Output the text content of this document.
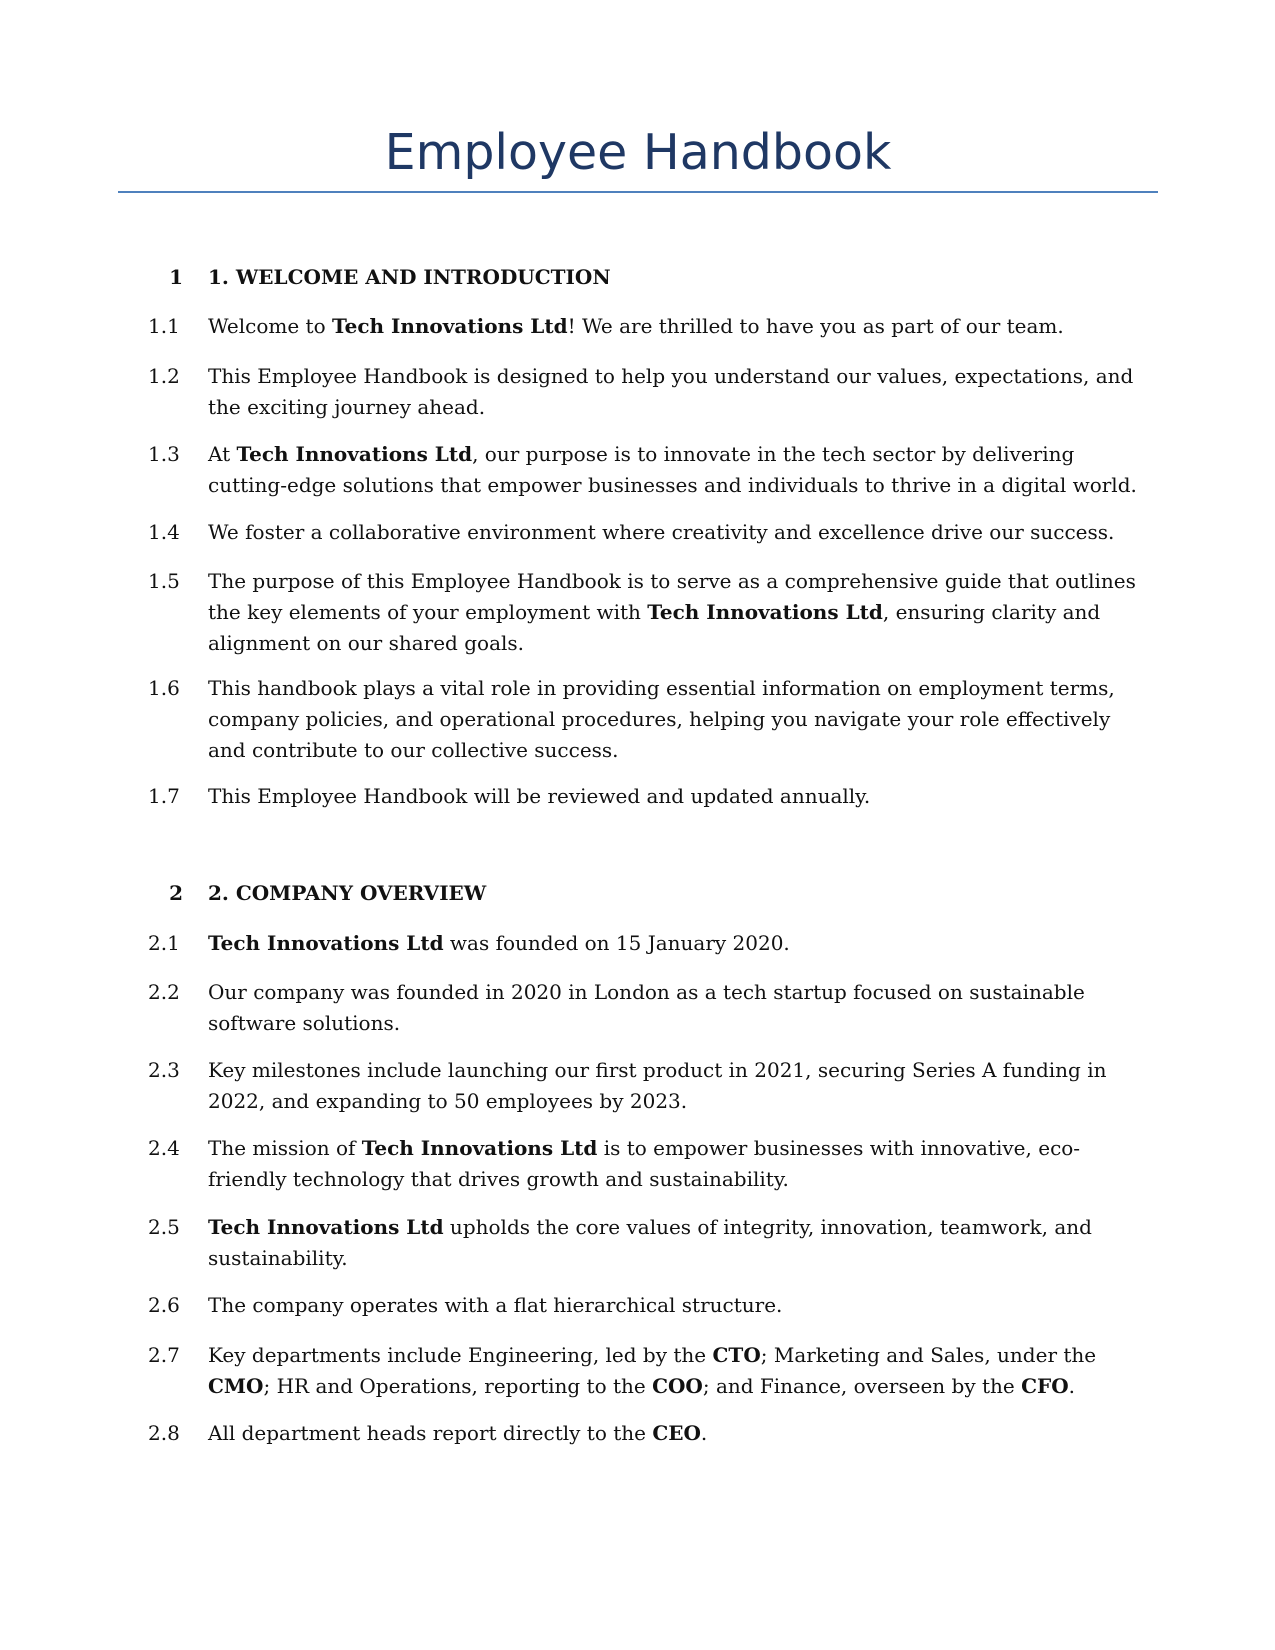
Employee Handbook
1 1. WELCOME AND INTRODUCTION
1.1	Welcome to Tech Innovations Ltd! We are thrilled to have you as part of our team.
1.2	This Employee Handbook is designed to help you understand our values, expectations, and the exciting journey ahead.
1.3	At Tech Innovations Ltd, our purpose is to innovate in the tech sector by delivering cutting-edge solutions that empower businesses and individuals to thrive in a digital world.
1.4	We foster a collaborative environment where creativity and excellence drive our success.
1.5	The purpose of this Employee Handbook is to serve as a comprehensive guide that outlines the key elements of your employment with Tech Innovations Ltd, ensuring clarity and alignment on our shared goals.
1.6	This handbook plays a vital role in providing essential information on employment terms, company policies, and operational procedures, helping you navigate your role effectively and contribute to our collective success.
1.7	This Employee Handbook will be reviewed and updated annually.
2 2. COMPANY OVERVIEW
2.1	Tech Innovations Ltd was founded on 15 January 2020.
2.2	Our company was founded in 2020 in London as a tech startup focused on sustainable software solutions.
2.3	Key milestones include launching our first product in 2021, securing Series A funding in 2022, and expanding to 50 employees by 2023.
2.4	The mission of Tech Innovations Ltd is to empower businesses with innovative, eco-friendly technology that drives growth and sustainability.
2.5	Tech Innovations Ltd upholds the core values of integrity, innovation, teamwork, and sustainability.
2.6	The company operates with a flat hierarchical structure.
2.7	Key departments include Engineering, led by the CTO; Marketing and Sales, under the CMO; HR and Operations, reporting to the COO; and Finance, overseen by the CFO.
2.8	All department heads report directly to the CEO.
